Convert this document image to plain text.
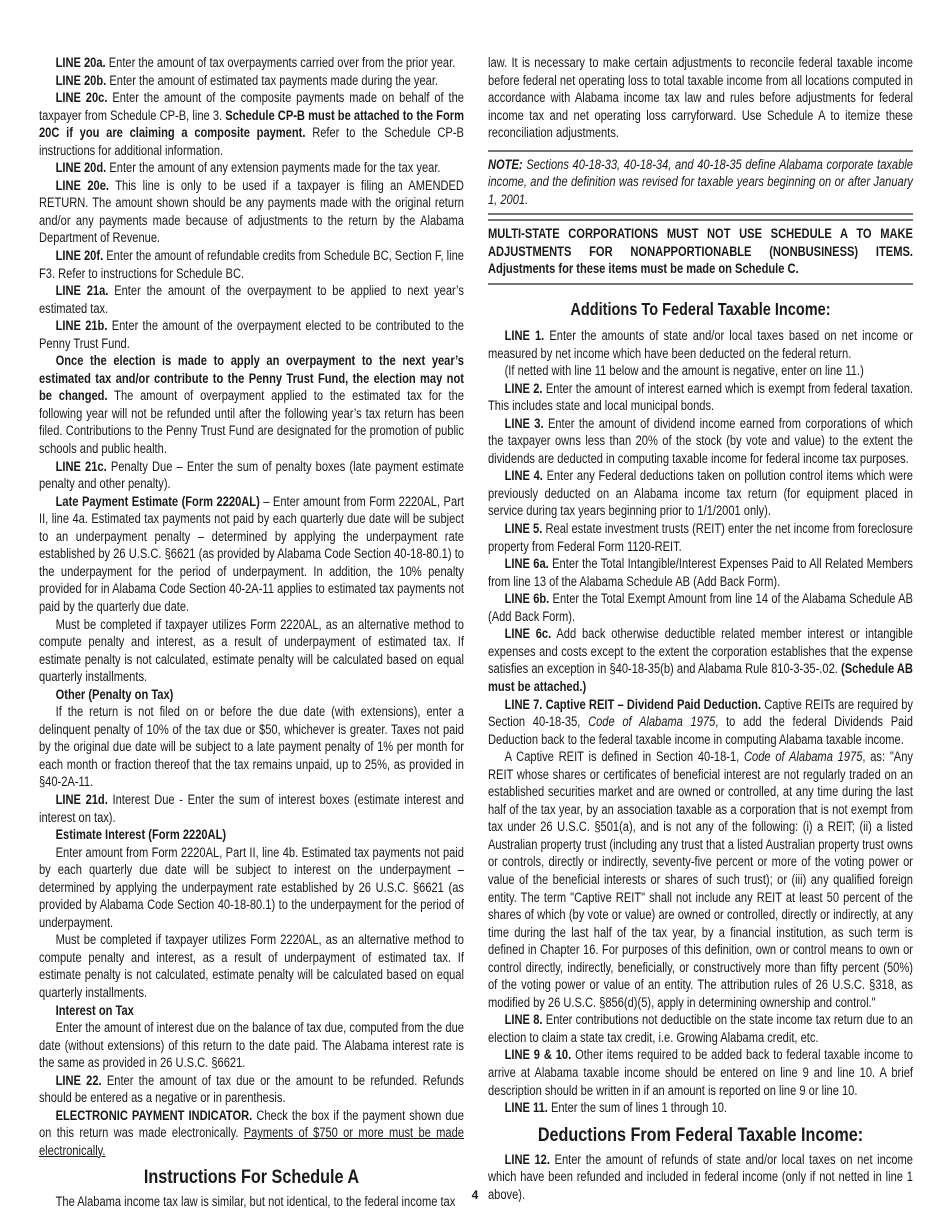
LINE 20a. Enter the amount of tax overpayments carried over from the prior year.

LINE 20b. Enter the amount of estimated tax payments made during the year.

LINE 20c. Enter the amount of the composite payments made on behalf of the taxpayer from Schedule CP-B, line 3. Schedule CP-B must be attached to the Form 20C if you are claiming a composite payment. Refer to the Schedule CP-B instructions for additional information.

LINE 20d. Enter the amount of any extension payments made for the tax year.

LINE 20e. This line is only to be used if a taxpayer is filing an AMENDED RETURN. The amount shown should be any payments made with the original return and/or any payments made because of adjustments to the return by the Alabama Department of Revenue.

LINE 20f. Enter the amount of refundable credits from Schedule BC, Section F, line F3. Refer to instructions for Schedule BC.

LINE 21a. Enter the amount of the overpayment to be applied to next year’s estimated tax.

LINE 21b. Enter the amount of the overpayment elected to be contributed to the Penny Trust Fund.

Once the election is made to apply an overpayment to the next year’s estimated tax and/or contribute to the Penny Trust Fund, the election may not be changed. The amount of overpayment applied to the estimated tax for the following year will not be refunded until after the following year’s tax return has been filed. Contributions to the Penny Trust Fund are designated for the promotion of public schools and public health.

LINE 21c. Penalty Due – Enter the sum of penalty boxes (late payment estimate penalty and other penalty).

Late Payment Estimate (Form 2220AL) – Enter amount from Form 2220AL, Part II, line 4a. Estimated tax payments not paid by each quarterly due date will be subject to an underpayment penalty – determined by applying the underpayment rate established by 26 U.S.C. §6621 (as provided by Alabama Code Section 40-18-80.1) to the underpayment for the period of underpayment. In addition, the 10% penalty provided for in Alabama Code Section 40-2A-11 applies to estimated tax payments not paid by the quarterly due date.

Must be completed if taxpayer utilizes Form 2220AL, as an alternative method to compute penalty and interest, as a result of underpayment of estimated tax. If estimate penalty is not calculated, estimate penalty will be calculated based on equal quarterly installments.

Other (Penalty on Tax)

If the return is not filed on or before the due date (with extensions), enter a delinquent penalty of 10% of the tax due or $50, whichever is greater. Taxes not paid by the original due date will be subject to a late payment penalty of 1% per month for each month or fraction thereof that the tax remains unpaid, up to 25%, as provided in §40-2A-11.

LINE 21d. Interest Due - Enter the sum of interest boxes (estimate interest and interest on tax).

Estimate Interest (Form 2220AL)

Enter amount from Form 2220AL, Part II, line 4b. Estimated tax payments not paid by each quarterly due date will be subject to interest on the underpayment – determined by applying the underpayment rate established by 26 U.S.C. §6621 (as provided by Alabama Code Section 40-18-80.1) to the underpayment for the period of underpayment.

Must be completed if taxpayer utilizes Form 2220AL, as an alternative method to compute penalty and interest, as a result of underpayment of estimated tax. If estimate penalty is not calculated, estimate penalty will be calculated based on equal quarterly installments.

Interest on Tax

Enter the amount of interest due on the balance of tax due, computed from the due date (without extensions) of this return to the date paid. The Alabama interest rate is the same as provided in 26 U.S.C. §6621.

LINE 22. Enter the amount of tax due or the amount to be refunded. Refunds should be entered as a negative or in parenthesis.

ELECTRONIC PAYMENT INDICATOR. Check the box if the payment shown due on this return was made electronically. Payments of $750 or more must be made electronically.

Instructions For Schedule A

The Alabama income tax law is similar, but not identical, to the federal income tax

law. It is necessary to make certain adjustments to reconcile federal taxable income before federal net operating loss to total taxable income from all locations computed in accordance with Alabama income tax law and rules before adjustments for federal income tax and net operating loss carryforward. Use Schedule A to itemize these reconciliation adjustments.

NOTE: Sections 40-18-33, 40-18-34, and 40-18-35 define Alabama corporate taxable income, and the definition was revised for taxable years beginning on or after January 1, 2001.

MULTI-STATE CORPORATIONS MUST NOT USE SCHEDULE A TO MAKE ADJUSTMENTS FOR NONAPPORTIONABLE (NONBUSINESS) ITEMS. Adjustments for these items must be made on Schedule C.

Additions To Federal Taxable Income:

LINE 1. Enter the amounts of state and/or local taxes based on net income or measured by net income which have been deducted on the federal return.

(If netted with line 11 below and the amount is negative, enter on line 11.)

LINE 2. Enter the amount of interest earned which is exempt from federal taxation. This includes state and local municipal bonds.

LINE 3. Enter the amount of dividend income earned from corporations of which the taxpayer owns less than 20% of the stock (by vote and value) to the extent the dividends are deducted in computing taxable income for federal income tax purposes.

LINE 4. Enter any Federal deductions taken on pollution control items which were previously deducted on an Alabama income tax return (for equipment placed in service during tax years beginning prior to 1/1/2001 only).

LINE 5. Real estate investment trusts (REIT) enter the net income from foreclosure property from Federal Form 1120-REIT.

LINE 6a. Enter the Total Intangible/Interest Expenses Paid to All Related Members from line 13 of the Alabama Schedule AB (Add Back Form).

LINE 6b. Enter the Total Exempt Amount from line 14 of the Alabama Schedule AB (Add Back Form).

LINE 6c. Add back otherwise deductible related member interest or intangible expenses and costs except to the extent the corporation establishes that the expense satisfies an exception in §40-18-35(b) and Alabama Rule 810-3-35-.02. (Schedule AB must be attached.)

LINE 7. Captive REIT – Dividend Paid Deduction. Captive REITs are required by Section 40-18-35, Code of Alabama 1975, to add the federal Dividends Paid Deduction back to the federal taxable income in computing Alabama taxable income.

A Captive REIT is defined in Section 40-18-1, Code of Alabama 1975, as: "Any REIT whose shares or certificates of beneficial interest are not regularly traded on an established securities market and are owned or controlled, at any time during the last half of the tax year, by an association taxable as a corporation that is not exempt from tax under 26 U.S.C. §501(a), and is not any of the following: (i) a REIT; (ii) a listed Australian property trust (including any trust that a listed Australian property trust owns or controls, directly or indirectly, seventy-five percent or more of the voting power or value of the beneficial interests or shares of such trust); or (iii) any qualified foreign entity. The term "Captive REIT" shall not include any REIT at least 50 percent of the shares of which (by vote or value) are owned or controlled, directly or indirectly, at any time during the last half of the tax year, by a financial institution, as such term is defined in Chapter 16. For purposes of this definition, own or control means to own or control directly, indirectly, beneficially, or constructively more than fifty percent (50%) of the voting power or value of an entity. The attribution rules of 26 U.S.C. §318, as modified by 26 U.S.C. §856(d)(5), apply in determining ownership and control."

LINE 8. Enter contributions not deductible on the state income tax return due to an election to claim a state tax credit, i.e. Growing Alabama credit, etc.

LINE 9 & 10. Other items required to be added back to federal taxable income to arrive at Alabama taxable income should be entered on line 9 and line 10. A brief description should be written in if an amount is reported on line 9 or line 10.

LINE 11. Enter the sum of lines 1 through 10.

Deductions From Federal Taxable Income:

LINE 12. Enter the amount of refunds of state and/or local taxes on net income which have been refunded and included in federal income (only if not netted in line 1 above).

4
